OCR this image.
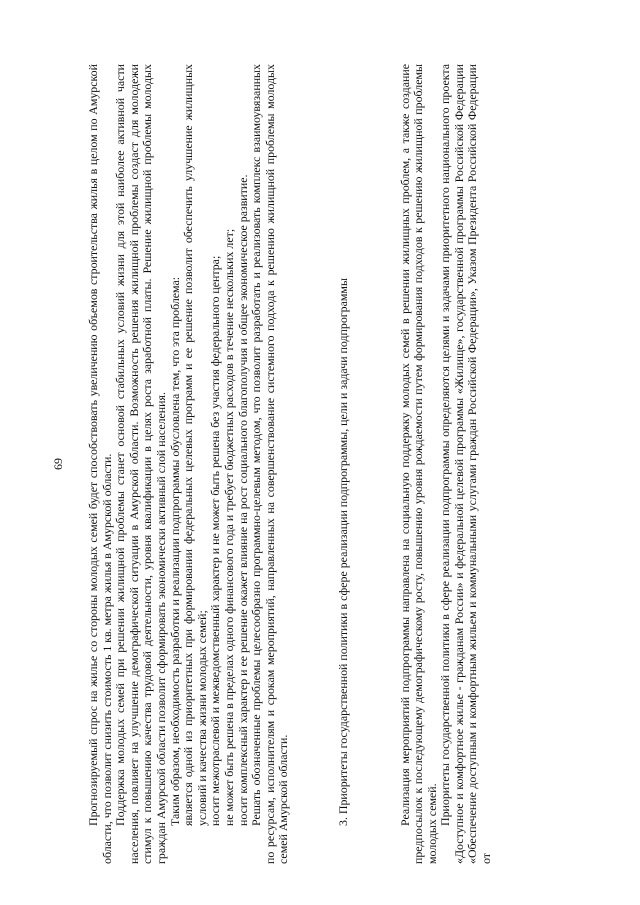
69 Прогнозируемый спрос на жилье со стороны молодых семей будет способствовать увеличению объемов строительства жилья в целом по Амурской области, что позволит снизить стоимость 1 кв. метра жилья в Амурской области. Поддержка молодых семей при решении жилищной проблемы станет основой стабильных условий жизни для этой наиболее активной части населения, повлияет на улучшение демографической ситуации в Амурской области. Возможность решения жилищной проблемы создаст для молодежи стимул к повышению качества трудовой деятельности, уровня квалификации в целях роста заработной платы. Решение жилищной проблемы молодых граждан Амурской области позволит сформировать экономически активный слой населения. Таким образом, необходимость разработки и реализации подпрограммы обусловлена тем, что эта проблема: является одной из приоритетных при формировании федеральных целевых программ и ее решение позволит обеспечить улучшение жилищных условий и качества жизни молодых семей; носит межотраслевой и межведомственный характер и не может быть решена без участия федерального центра; не может быть решена в пределах одного финансового года и требует бюджетных расходов в течение нескольких лет; носит комплексный характер и ее решение окажет влияние на рост социального благополучия и общее экономическое развитие. Решать обозначенные проблемы целесообразно программно-целевым методом, что позволит разработать и реализовать комплекс взаимоувязанных по ресурсам, исполнителям и срокам мероприятий, направленных на совершенствование системного подхода к решению жилищной проблемы молодых семей Амурской области.	3. Приоритеты государственной политики в сфере реализации подпрограммы, цели и задачи подпрограммы	Реализация мероприятий подпрограммы направлена на социальную поддержку молодых семей в решении жилищных проблем, а также создание предпосылок к последующему демографическому росту, повышению уровня рождаемости путем формирования подходов к решению жилищной проблемы молодых семей. Приоритеты государственной политики в сфере реализации подпрограммы определяются целями и задачами приоритетного национального проекта «Доступное и комфортное жилье - гражданам России» и федеральной целевой программы «Жилище», государственной программы Российской Федерации «Обеспечение доступным и комфортным жильем и коммунальными услугами граждан Российской Федерации», Указом Президента Российской Федерации от
